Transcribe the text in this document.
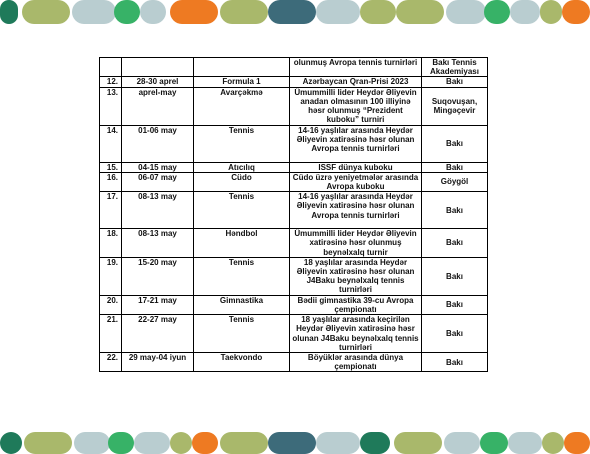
			olunmuş Avropa tennis turnirləri	Bakı Tennis Akademiyası
12.	28-30 aprel	Formula 1	Azərbaycan Qran-Prisi 2023	Bakı
13.	aprel-may	Avarçəkmə	Ümummilli lider Heydər Əliyevin anadan olmasının 100 illiyinə həsr olunmuş “Prezident kuboku” turniri	Suqovuşan, Mingəçevir
14.	01-06 may	Tennis	14-16 yaşlılar arasında Heydər Əliyevin xatirəsinə həsr olunan Avropa tennis turnirləri	Bakı
15.	04-15 may	Atıcılıq	ISSF dünya kuboku	Bakı
16.	06-07 may	Cüdo	Cüdo üzrə yeniyetmələr arasında Avropa kuboku	Göygöl
17.	08-13 may	Tennis	14-16 yaşlılar arasında Heydər Əliyevin xatirəsinə həsr olunan Avropa tennis turnirləri	Bakı
18.	08-13 may	Həndbol	Ümummilli lider Heydər Əliyevin xatirəsinə həsr olunmuş beynəlxalq turnir	Bakı
19.	15-20 may	Tennis	18 yaşlılar arasında Heydər Əliyevin xatirəsinə həsr olunan J4Baku beynəlxalq tennis turnirləri	Bakı
20.	17-21 may	Gimnastika	Bədii gimnastika 39-cu Avropa çempionatı	Bakı
21.	22-27 may	Tennis	18 yaşlılar arasında keçirilən Heydər Əliyevin xatirəsinə həsr olunan J4Baku beynəlxalq tennis turnirləri	Bakı
22.	29 may-04 iyun	Taekvondo	Böyüklər arasında dünya çempionatı	Bakı
